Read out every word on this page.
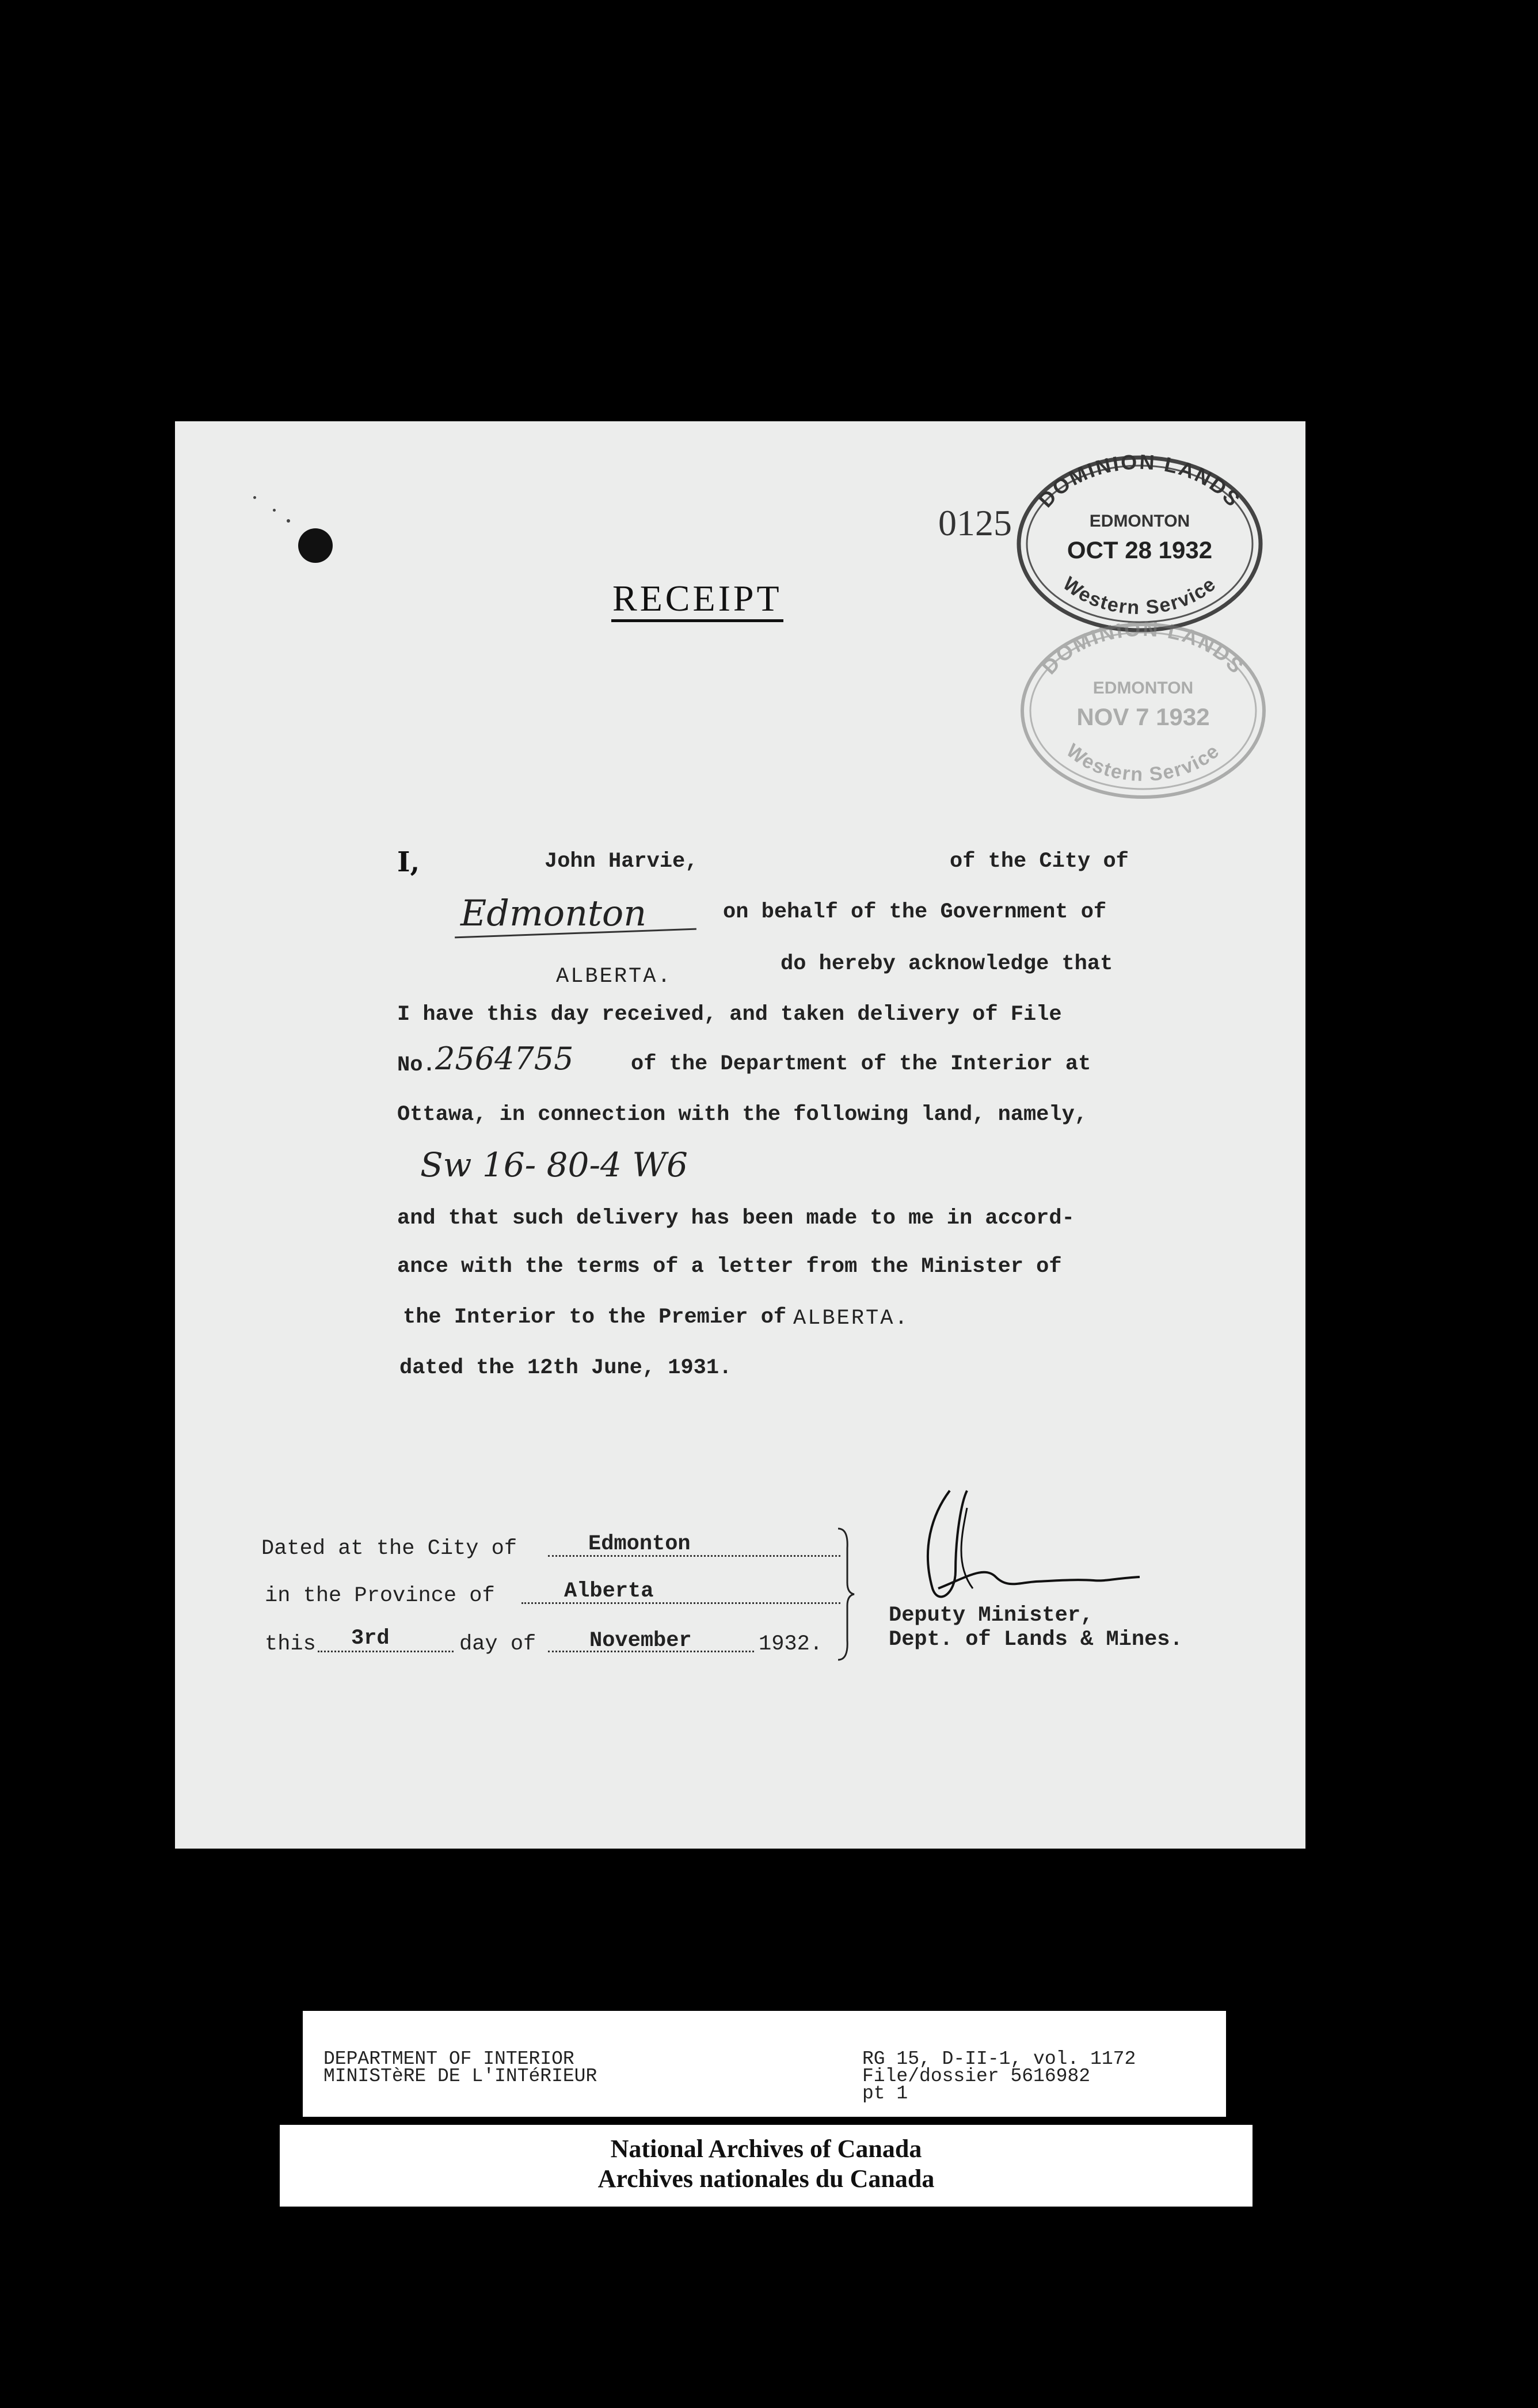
0125
DOMINION LANDS
EDMONTON
OCT 28 1932
Western Service
DOMINION LANDS
EDMONTON
NOV 7 1932
Western Service
RECEIPT
I,	John Harvie,	of the City of
Edmonton	on behalf of the Government of
ALBERTA.
do hereby acknowledge that
I have this day received, and taken delivery of File
No. 2564755	of the Department of the Interior at
Ottawa, in connection with the following land, namely,
Sw 16- 80-4 W6
and that such delivery has been made to me in accord-
ance with the terms of a letter from the Minister of
the Interior to the Premier of ALBERTA.
dated the 12th June, 1931.
Dated at the City of	Edmonton
in the Province of	Alberta
this 3rd	day of	November	1932.
Deputy Minister,
Dept. of Lands & Mines.
DEPARTMENT OF INTERIOR
MINISTèRE DE L'INTéRIEUR
RG 15, D-II-1, vol. 1172
File/dossier 5616982
pt 1
National Archives of Canada
Archives nationales du Canada
